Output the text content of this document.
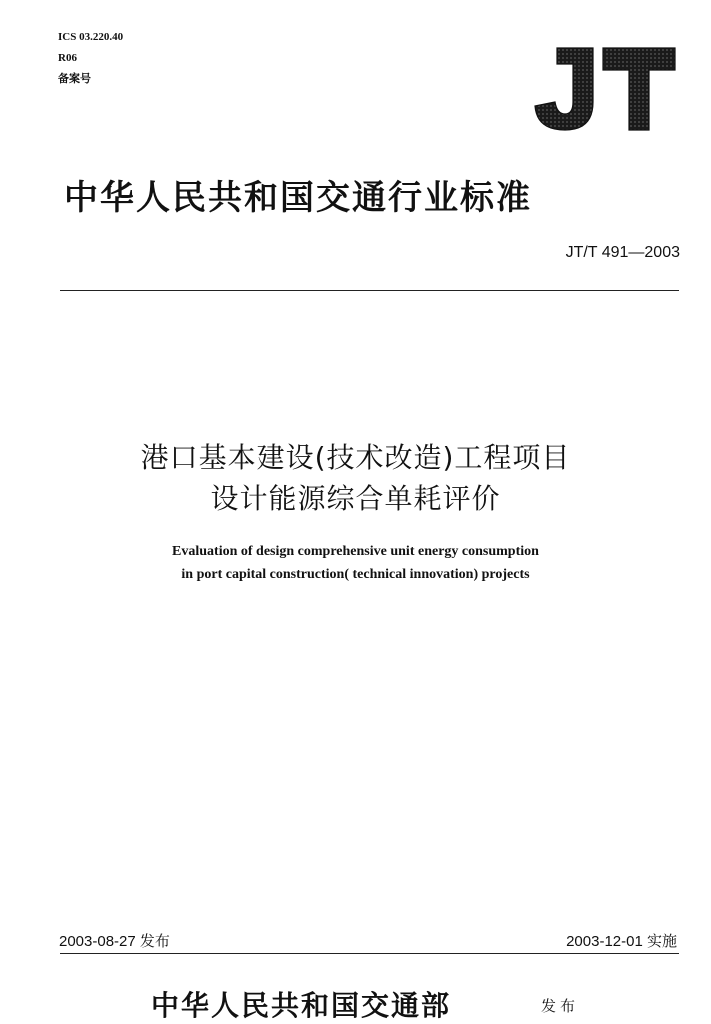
ICS 03.220.40
R06
备案号
中华人民共和国交通行业标准
JT/T 491—2003
港口基本建设(技术改造)工程项目
设计能源综合单耗评价
Evaluation of design comprehensive unit energy consumption
in port capital construction( technical innovation) projects
2003-08-27 发布	2003-12-01 实施
中华人民共和国交通部	发布
